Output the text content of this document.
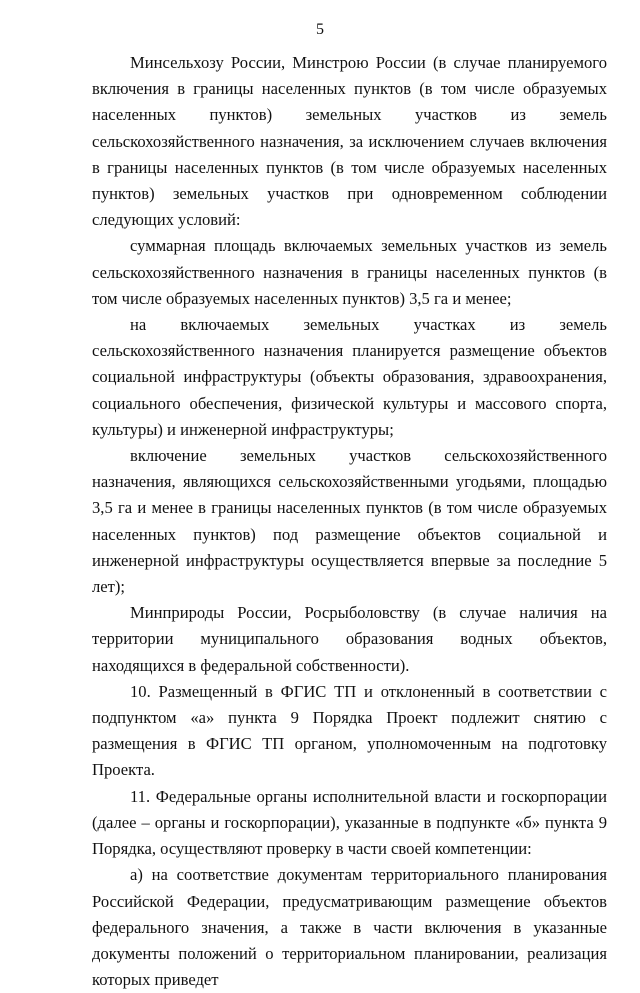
5

Минсельхозу России, Минстрою России (в случае планируемого включения в границы населенных пунктов (в том числе образуемых населенных пунктов) земельных участков из земель сельскохозяйственного назначения, за исключением случаев включения в границы населенных пунктов (в том числе образуемых населенных пунктов) земельных участков при одновременном соблюдении следующих условий:

суммарная площадь включаемых земельных участков из земель сельскохозяйственного назначения в границы населенных пунктов (в том числе образуемых населенных пунктов) 3,5 га и менее;

на включаемых земельных участках из земель сельскохозяйственного назначения планируется размещение объектов социальной инфраструктуры (объекты образования, здравоохранения, социального обеспечения, физической культуры и массового спорта, культуры) и инженерной инфраструктуры;

включение земельных участков сельскохозяйственного назначения, являющихся сельскохозяйственными угодьями, площадью 3,5 га и менее в границы населенных пунктов (в том числе образуемых населенных пунктов) под размещение объектов социальной и инженерной инфраструктуры осуществляется впервые за последние 5 лет);

Минприроды России, Росрыболовству (в случае наличия на территории муниципального образования водных объектов, находящихся в федеральной собственности).

10. Размещенный в ФГИС ТП и отклоненный в соответствии с подпунктом «а» пункта 9 Порядка Проект подлежит снятию с размещения в ФГИС ТП органом, уполномоченным на подготовку Проекта.

11. Федеральные органы исполнительной власти и госкорпорации (далее – органы и госкорпорации), указанные в подпункте «б» пункта 9 Порядка, осуществляют проверку в части своей компетенции:

а) на соответствие документам территориального планирования Российской Федерации, предусматривающим размещение объектов федерального значения, а также в части включения в указанные документы положений о территориальном планировании, реализация которых приведет
